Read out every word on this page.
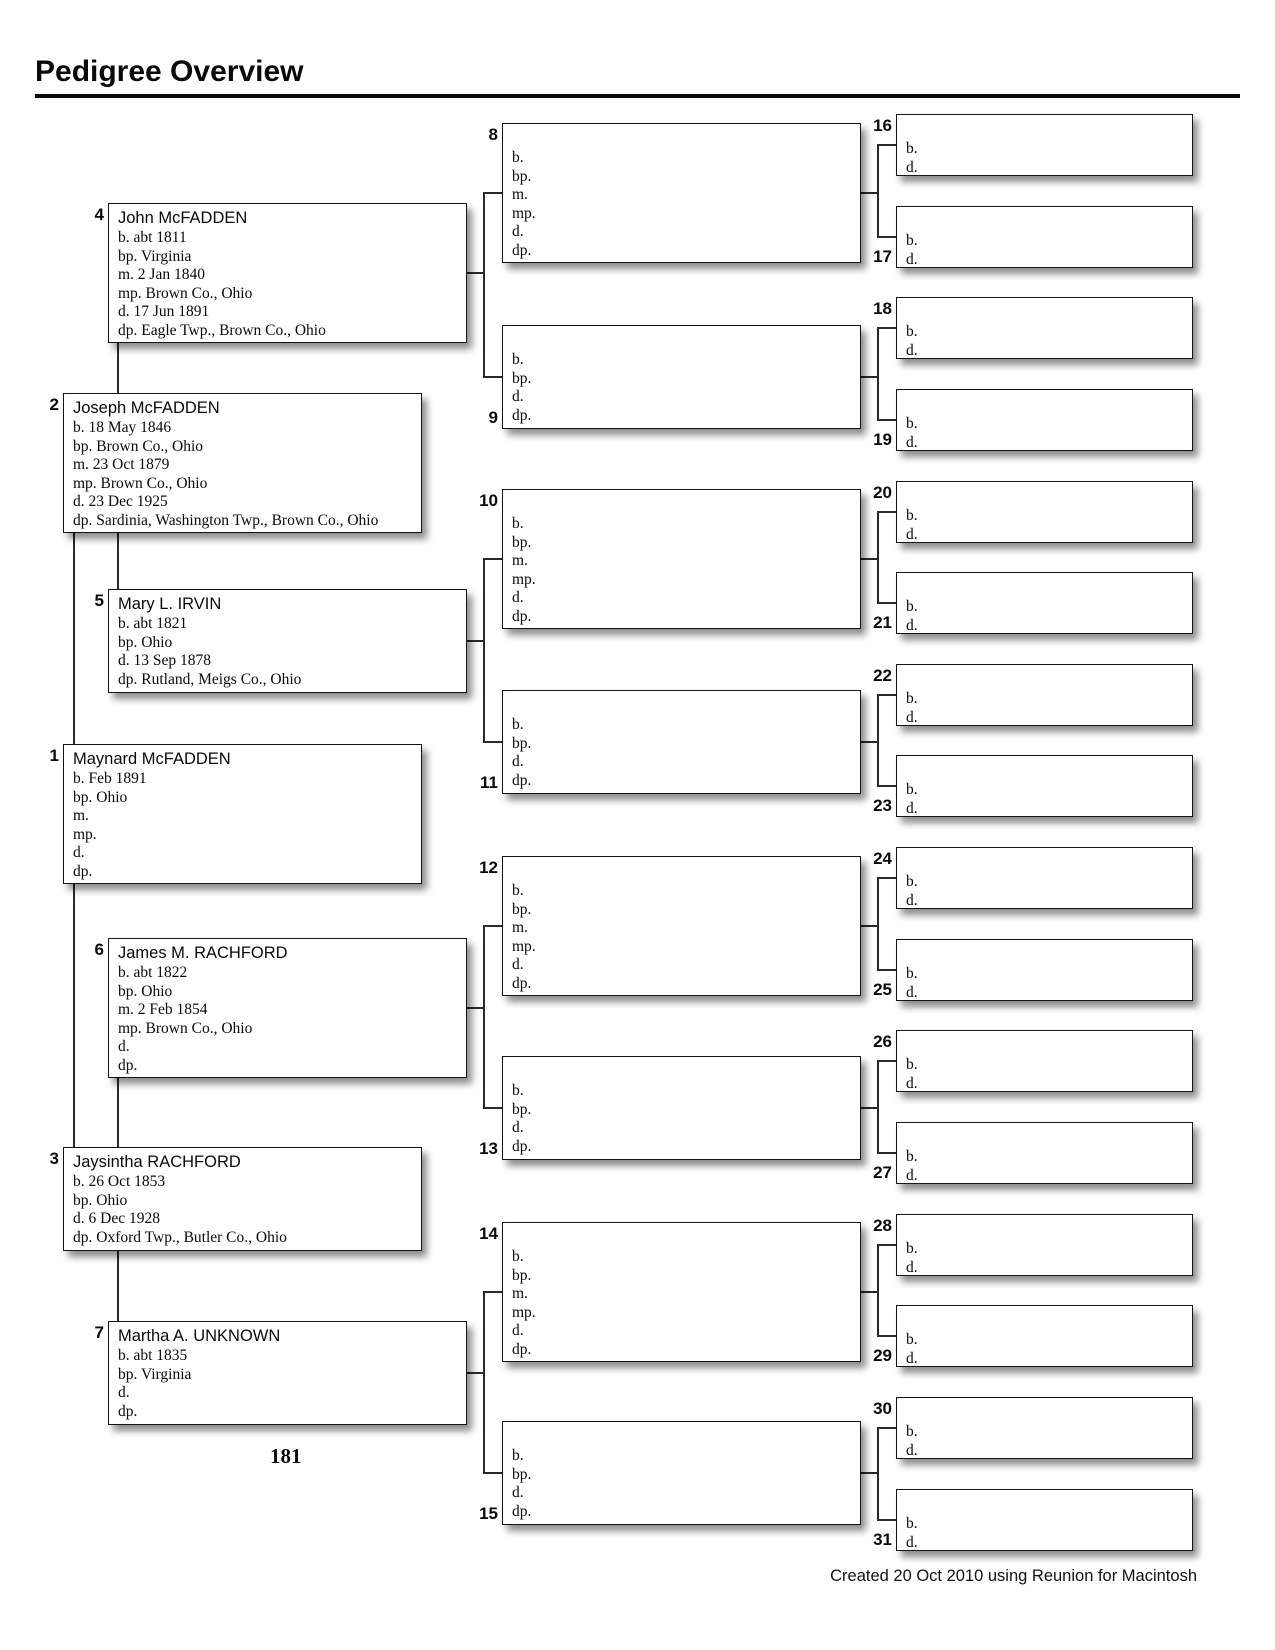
Pedigree Overview
Maynard McFADDEN
b. Feb 1891
bp. Ohio
m.
mp.
d.
dp.
1
Joseph McFADDEN
b. 18 May 1846
bp. Brown Co., Ohio
m. 23 Oct 1879
mp. Brown Co., Ohio
d. 23 Dec 1925
dp. Sardinia, Washington Twp., Brown Co., Ohio
2
Jaysintha RACHFORD
b. 26 Oct 1853
bp. Ohio
d. 6 Dec 1928
dp. Oxford Twp., Butler Co., Ohio
3
John McFADDEN
b. abt 1811
bp. Virginia
m. 2 Jan 1840
mp. Brown Co., Ohio
d. 17 Jun 1891
dp. Eagle Twp., Brown Co., Ohio
4
Mary L. IRVIN
b. abt 1821
bp. Ohio
d. 13 Sep 1878
dp. Rutland, Meigs Co., Ohio
5
James M. RACHFORD
b. abt 1822
bp. Ohio
m. 2 Feb 1854
mp. Brown Co., Ohio
d.
dp.
6
Martha A. UNKNOWN
b. abt 1835
bp. Virginia
d.
dp.
7
b.
bp.
m.
mp.
d.
dp.
8
b.
bp.
d.
dp.
9
b.
bp.
m.
mp.
d.
dp.
10
b.
bp.
d.
dp.
11
b.
bp.
m.
mp.
d.
dp.
12
b.
bp.
d.
dp.
13
b.
bp.
m.
mp.
d.
dp.
14
b.
bp.
d.
dp.
15
b.
d.
16
b.
d.
17
b.
d.
18
b.
d.
19
b.
d.
20
b.
d.
21
b.
d.
22
b.
d.
23
b.
d.
24
b.
d.
25
b.
d.
26
b.
d.
27
b.
d.
28
b.
d.
29
b.
d.
30
b.
d.
31
181
Created 20 Oct 2010 using Reunion for Macintosh
